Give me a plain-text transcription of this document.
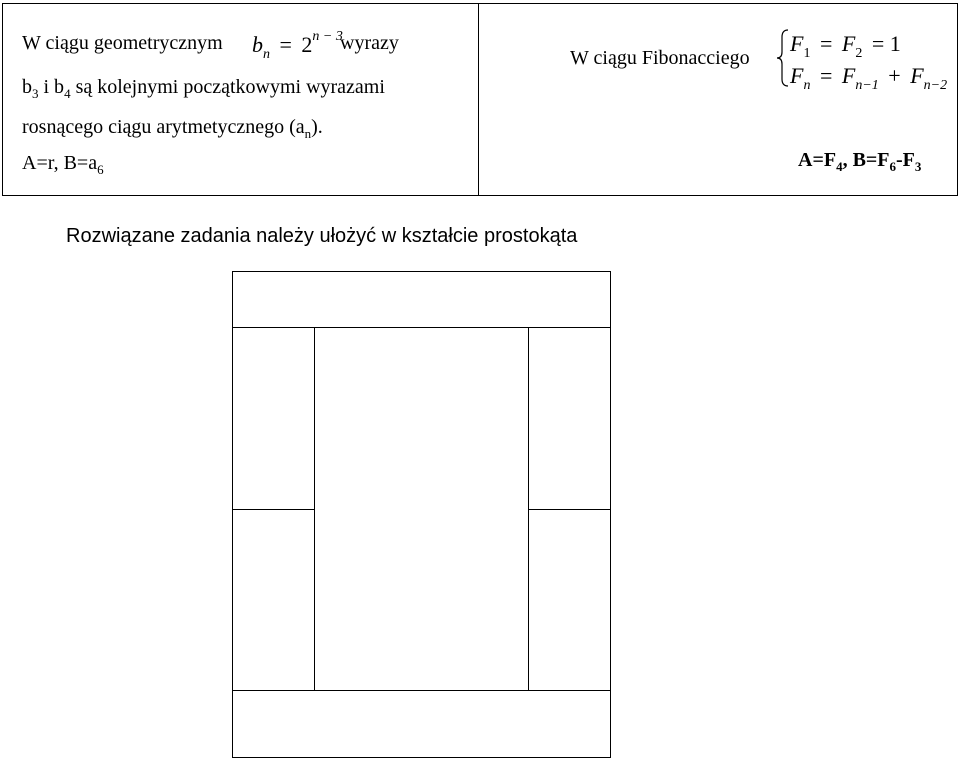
W ciągu geometrycznym $b_n = 2^{n - 3}$
wyrazy
$b_3$ i $b_4$ są kolejnymi początkowymi wyrazami
rosnącego ciągu arytmetycznego $(a_n)$.
A=r, $B=a_6$
W ciągu Fibonacciego
$F_1 = F_2 = 1$
$F_n = F_{n-1} + F_{n-2}$
$A=F_4$, $B=F_6-F_3$
Rozwiązane zadania należy ułożyć w kształcie prostokąta
